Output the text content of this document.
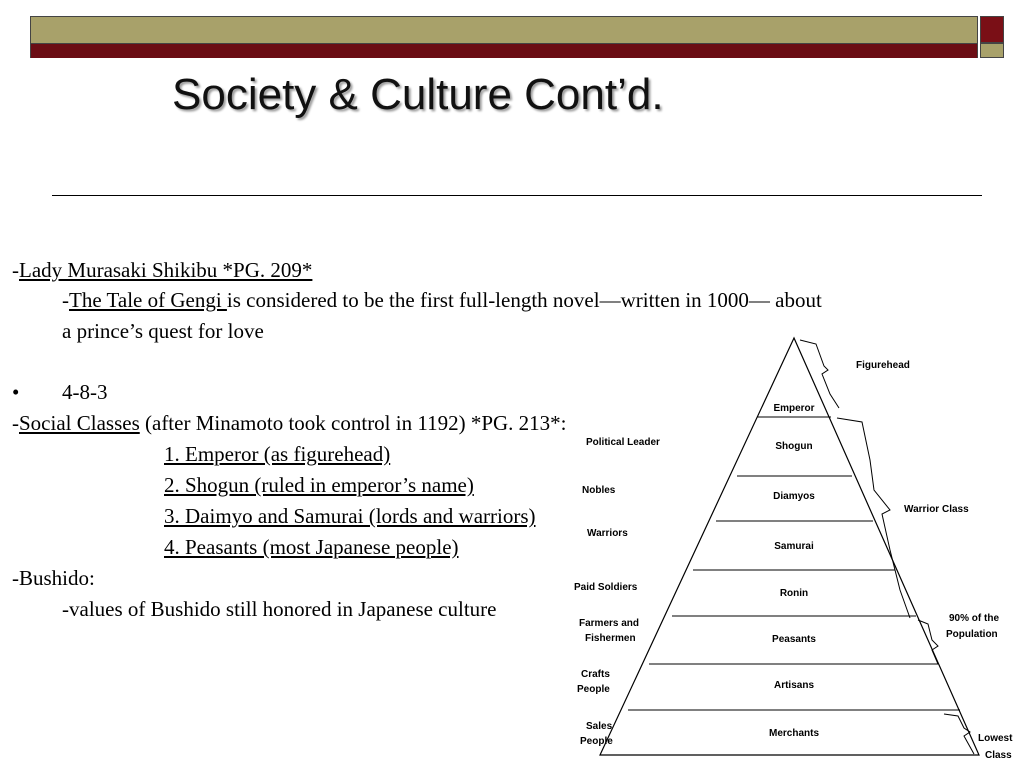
Society & Culture Cont’d.
-Lady Murasaki Shikibu *PG. 209*
-The Tale of Gengi is considered to be the first full-length novel—written in 1000— about
a prince’s quest for love
• 4-8-3
-Social Classes (after Minamoto took control in 1192) *PG. 213*:
1. Emperor (as figurehead)
2. Shogun (ruled in emperor’s name)
3. Daimyo and Samurai (lords and warriors)
4. Peasants (most Japanese people)
-Bushido:
-values of Bushido still honored in Japanese culture
Emperor
Shogun
Diamyos
Samurai
Ronin
Peasants
Artisans
Merchants
Political Leader
Nobles
Warriors
Paid Soldiers
Farmers and
Fishermen
Crafts
People
Sales
People
Figurehead
Warrior Class
90% of the
Population
Lowest
Class
